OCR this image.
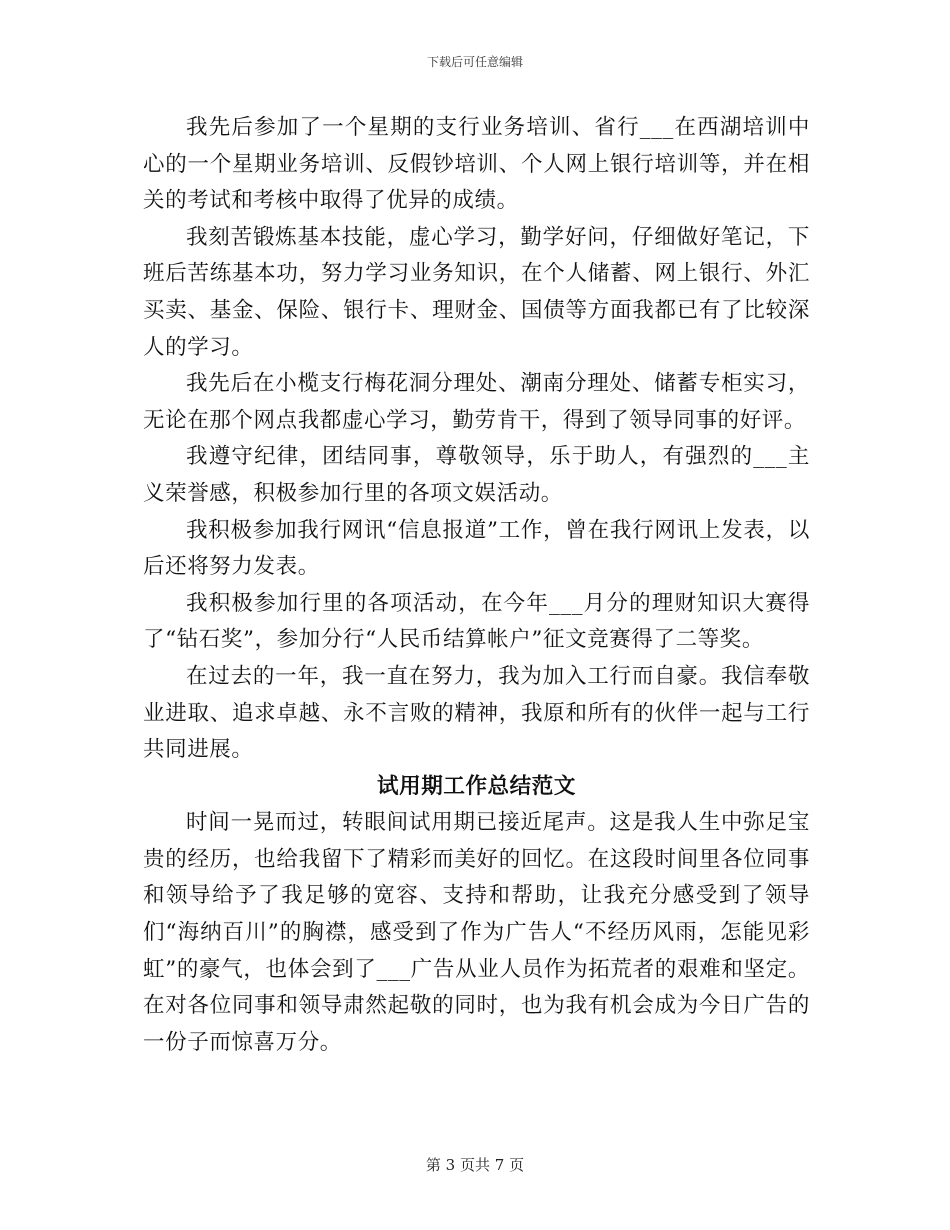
下载后可任意编辑

我先后参加了一个星期的支行业务培训、省行___在西湖培训中心的一个星期业务培训、反假钞培训、个人网上银行培训等，并在相关的考试和考核中取得了优异的成绩。

我刻苦锻炼基本技能，虚心学习，勤学好问，仔细做好笔记，下班后苦练基本功，努力学习业务知识，在个人储蓄、网上银行、外汇买卖、基金、保险、银行卡、理财金、国债等方面我都已有了比较深人的学习。

我先后在小榄支行梅花洞分理处、潮南分理处、储蓄专柜实习，无论在那个网点我都虚心学习，勤劳肯干，得到了领导同事的好评。

我遵守纪律，团结同事，尊敬领导，乐于助人，有强烈的___主义荣誉感，积极参加行里的各项文娱活动。

我积极参加我行网讯“信息报道”工作，曾在我行网讯上发表，以后还将努力发表。

我积极参加行里的各项活动，在今年___月分的理财知识大赛得了“钻石奖”，参加分行“人民币结算帐户”征文竞赛得了二等奖。

在过去的一年，我一直在努力，我为加入工行而自豪。我信奉敬业进取、追求卓越、永不言败的精神，我原和所有的伙伴一起与工行共同进展。

试用期工作总结范文

时间一晃而过，转眼间试用期已接近尾声。这是我人生中弥足宝贵的经历，也给我留下了精彩而美好的回忆。在这段时间里各位同事和领导给予了我足够的宽容、支持和帮助，让我充分感受到了领导们“海纳百川”的胸襟，感受到了作为广告人“不经历风雨，怎能见彩虹”的豪气，也体会到了___广告从业人员作为拓荒者的艰难和坚定。在对各位同事和领导肃然起敬的同时，也为我有机会成为今日广告的一份子而惊喜万分。

第 3 页共 7 页
